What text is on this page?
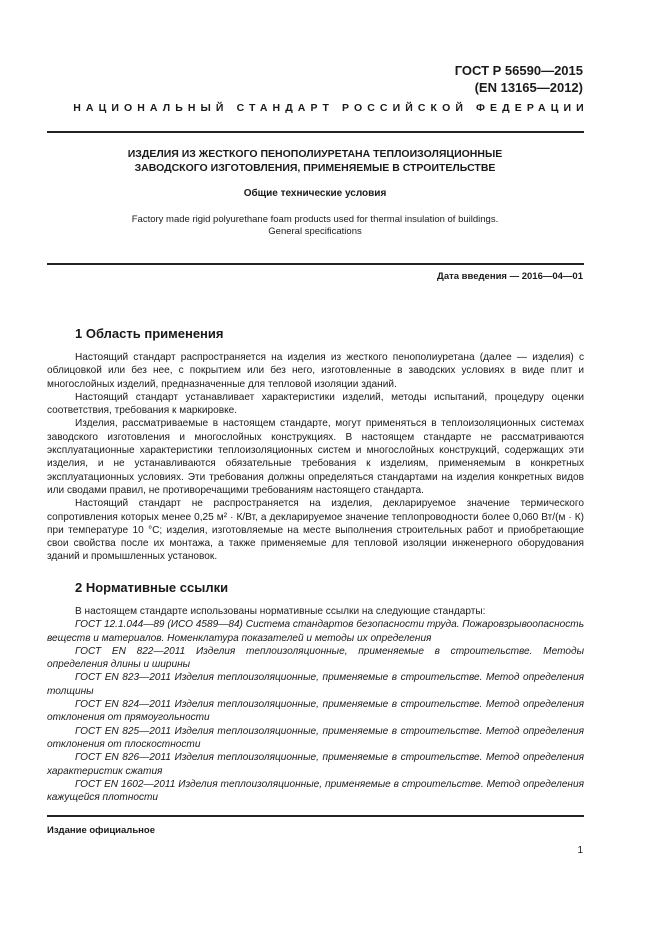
ГОСТ Р 56590—2015
(EN 13165—2012)
НАЦИОНАЛЬНЫЙ СТАНДАРТ РОССИЙСКОЙ ФЕДЕРАЦИИ
ИЗДЕЛИЯ ИЗ ЖЕСТКОГО ПЕНОПОЛИУРЕТАНА ТЕПЛОИЗОЛЯЦИОННЫЕ
ЗАВОДСКОГО ИЗГОТОВЛЕНИЯ, ПРИМЕНЯЕМЫЕ В СТРОИТЕЛЬСТВЕ
Общие технические условия
Factory made rigid polyurethane foam products used for thermal insulation of buildings.
General specifications
Дата введения — 2016—04—01
1 Область применения

Настоящий стандарт распространяется на изделия из жесткого пенополиуретана (далее — изделия) с облицовкой или без нее, с покрытием или без него, изготовленные в заводских условиях в виде плит и многослойных изделий, предназначенные для тепловой изоляции зданий.

Настоящий стандарт устанавливает характеристики изделий, методы испытаний, процедуру оценки соответствия, требования к маркировке.

Изделия, рассматриваемые в настоящем стандарте, могут применяться в теплоизоляционных системах заводского изготовления и многослойных конструкциях. В настоящем стандарте не рассматриваются эксплуатационные характеристики теплоизоляционных систем и многослойных конструкций, содержащих эти изделия, и не устанавливаются обязательные требования к изделиям, применяемым в конкретных эксплуатационных условиях. Эти требования должны определяться стандартами на изделия конкретных видов или сводами правил, не противоречащими требованиям настоящего стандарта.

Настоящий стандарт не распространяется на изделия, декларируемое значение термического сопротивления которых менее 0,25 м² · К/Вт, а декларируемое значение теплопроводности более 0,060 Вт/(м · К) при температуре 10 °С; изделия, изготовляемые на месте выполнения строительных работ и приобретающие свои свойства после их монтажа, а также применяемые для тепловой изоляции инженерного оборудования зданий и промышленных установок.

2 Нормативные ссылки

В настоящем стандарте использованы нормативные ссылки на следующие стандарты:

ГОСТ 12.1.044—89 (ИСО 4589—84) Система стандартов безопасности труда. Пожаровзрывоопасность веществ и материалов. Номенклатура показателей и методы их определения

ГОСТ EN 822—2011 Изделия теплоизоляционные, применяемые в строительстве. Методы определения длины и ширины

ГОСТ EN 823—2011 Изделия теплоизоляционные, применяемые в строительстве. Метод определения толщины

ГОСТ EN 824—2011 Изделия теплоизоляционные, применяемые в строительстве. Метод определения отклонения от прямоугольности

ГОСТ EN 825—2011 Изделия теплоизоляционные, применяемые в строительстве. Метод определения отклонения от плоскостности

ГОСТ EN 826—2011 Изделия теплоизоляционные, применяемые в строительстве. Метод определения характеристик сжатия

ГОСТ EN 1602—2011 Изделия теплоизоляционные, применяемые в строительстве. Метод определения кажущейся плотности

Издание официальное
1
